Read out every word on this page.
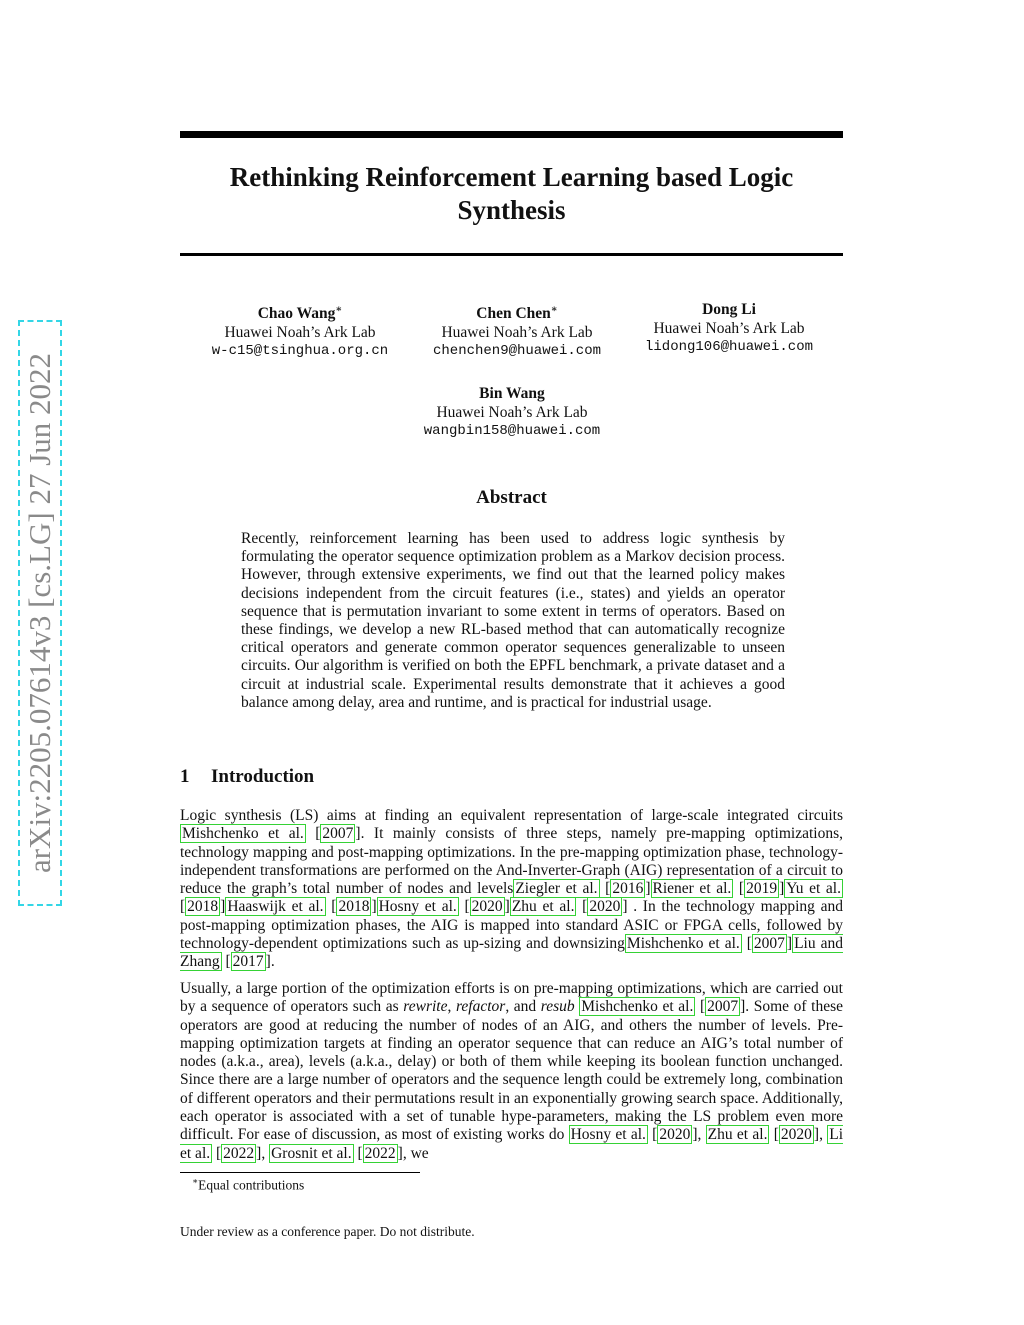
arXiv:2205.07614v3 [cs.LG] 27 Jun 2022
Rethinking Reinforcement Learning based Logic
Synthesis
Chao Wang∗
Huawei Noah’s Ark Lab
w-c15@tsinghua.org.cn
Chen Chen∗
Huawei Noah’s Ark Lab
chenchen9@huawei.com
Dong Li
Huawei Noah’s Ark Lab
lidong106@huawei.com
Bin Wang
Huawei Noah’s Ark Lab
wangbin158@huawei.com
Abstract
Recently, reinforcement learning has been used to address logic synthesis by formulating the operator sequence optimization problem as a Markov decision process. However, through extensive experiments, we find out that the learned policy makes decisions independent from the circuit features (i.e., states) and yields an operator sequence that is permutation invariant to some extent in terms of operators. Based on these findings, we develop a new RL-based method that can automatically recognize critical operators and generate common operator sequences generalizable to unseen circuits. Our algorithm is verified on both the EPFL benchmark, a private dataset and a circuit at industrial scale. Experimental results demonstrate that it achieves a good balance among delay, area and runtime, and is practical for industrial usage.
1 Introduction
Logic synthesis (LS) aims at finding an equivalent representation of large-scale integrated circuits Mishchenko et al. [ 2007 ]. It mainly consists of three steps, namely pre-mapping optimizations, technology mapping and post-mapping optimizations. In the pre-mapping optimization phase, technology-independent transformations are performed on the And-Inverter-Graph (AIG) representation of a circuit to reduce the graph’s total number of nodes and levels Ziegler et al. [ 2016 ] Riener et al. [ 2019 ] Yu et al. [ 2018 ] Haaswijk et al. [ 2018 ] Hosny et al. [ 2020 ] Zhu et al. [ 2020 ] . In the technology mapping and post-mapping optimization phases, the AIG is mapped into standard ASIC or FPGA cells, followed by technology-dependent optimizations such as up-sizing and downsizing Mishchenko et al. [ 2007 ] Liu and Zhang [ 2017 ].
Usually, a large portion of the optimization efforts is on pre-mapping optimizations, which are carried out by a sequence of operators such as rewrite, refactor, and resub Mishchenko et al. [ 2007 ]. Some of these operators are good at reducing the number of nodes of an AIG, and others the number of levels. Pre-mapping optimization targets at finding an operator sequence that can reduce an AIG’s total number of nodes (a.k.a., area), levels (a.k.a., delay) or both of them while keeping its boolean function unchanged. Since there are a large number of operators and the sequence length could be extremely long, combination of different operators and their permutations result in an exponentially growing search space. Additionally, each operator is associated with a set of tunable hype-parameters, making the LS problem even more difficult. For ease of discussion, as most of existing works do Hosny et al. [ 2020 ], Zhu et al. [ 2020 ], Li et al. [ 2022 ], Grosnit et al. [ 2022 ], we
∗Equal contributions
Under review as a conference paper. Do not distribute.
